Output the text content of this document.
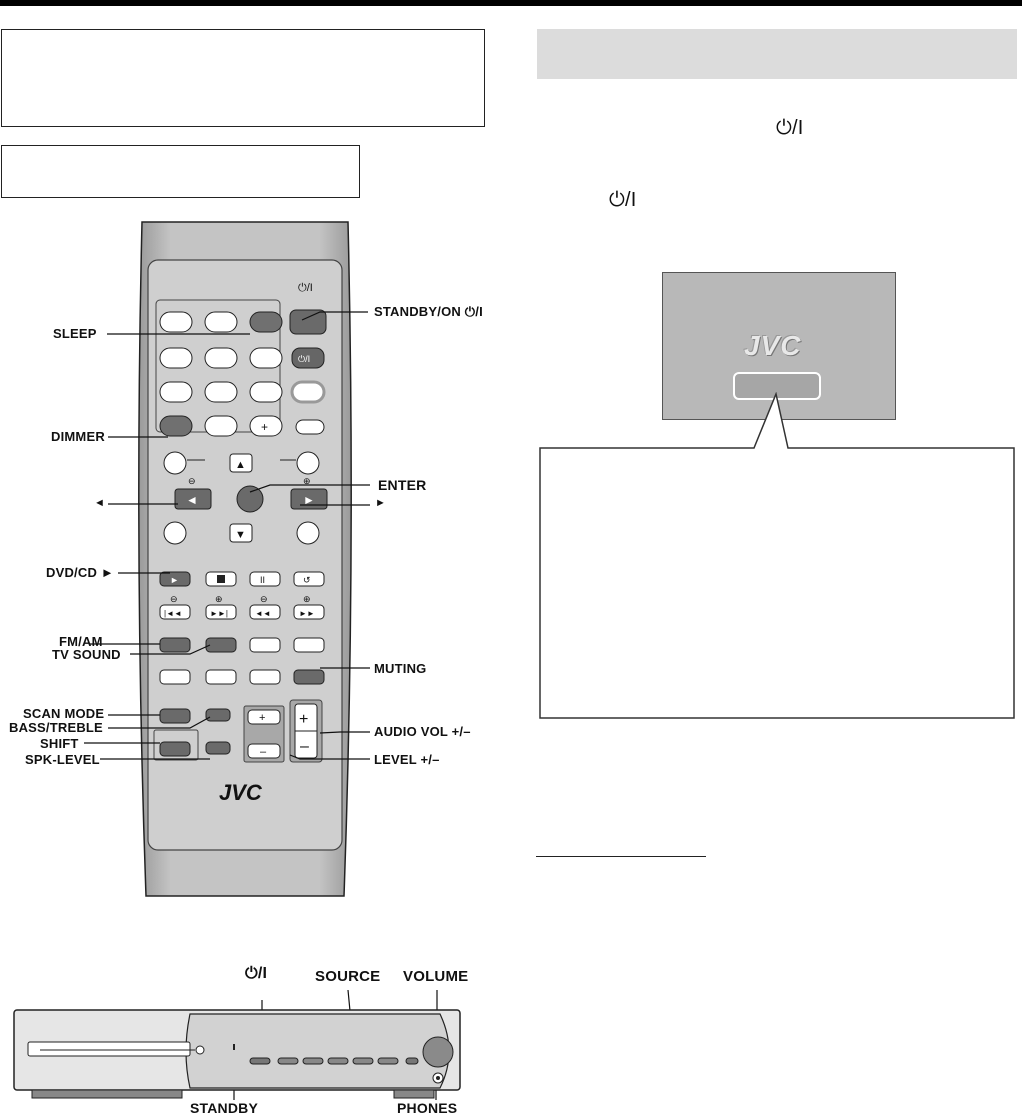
⏻/I
⏻/I
JVC
⏻/I
⏻/I
+
▲
◄
⊖
►
⊕
▼
►	II	↺
⊖	⊕	⊖	⊕
|◄◄	►►|	◄◄	►►
+
–
+
–
JVC
SLEEP
STANDBY/ON ⏻/I
DIMMER
ENTER
◄	►
DVD/CD ►
FM/AM
TV SOUND
MUTING
SCAN MODE
BASS/TREBLE
SHIFT
SPK-LEVEL
AUDIO VOL +/–
LEVEL +/–
⏻/I	SOURCE VOLUME
STANDBY	PHONES
